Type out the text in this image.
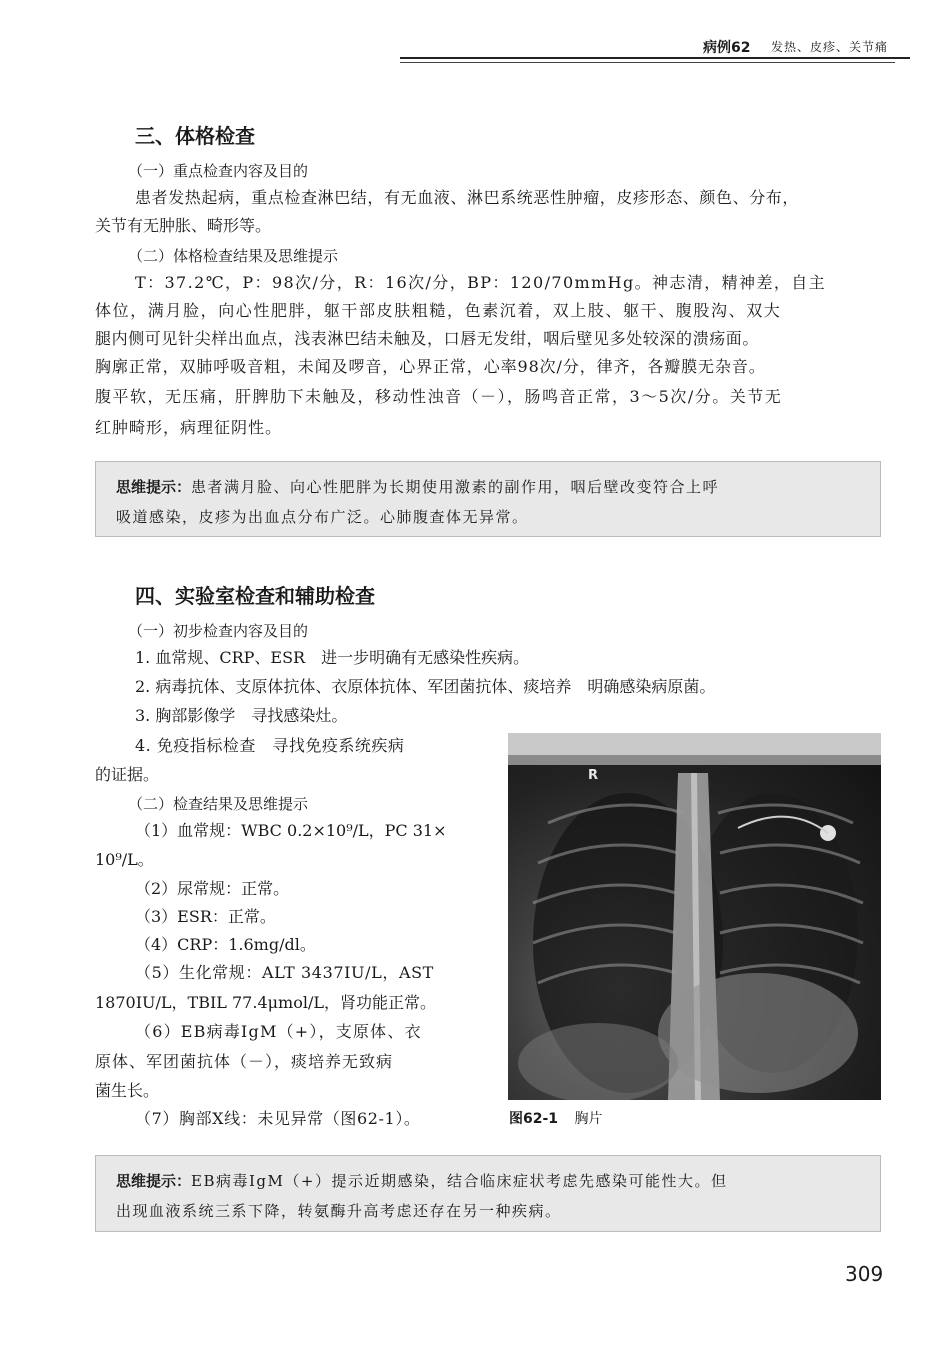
病例62 发热、皮疹、关节痛
三、体格检查
（一）重点检查内容及目的
患者发热起病，重点检查淋巴结，有无血液、淋巴系统恶性肿瘤，皮疹形态、颜色、分布，
关节有无肿胀、畸形等。
（二）体格检查结果及思维提示
T：37.2℃，P：98次/分，R：16次/分，BP：120/70mmHg。神志清，精神差，自主
体位，满月脸，向心性肥胖，躯干部皮肤粗糙，色素沉着，双上肢、躯干、腹股沟、双大
腿内侧可见针尖样出血点，浅表淋巴结未触及，口唇无发绀，咽后壁见多处较深的溃疡面。
胸廓正常，双肺呼吸音粗，未闻及啰音，心界正常，心率98次/分，律齐，各瓣膜无杂音。
腹平软，无压痛，肝脾肋下未触及，移动性浊音（－），肠鸣音正常，3～5次/分。关节无
红肿畸形，病理征阴性。
思维提示：患者满月脸、向心性肥胖为长期使用激素的副作用，咽后壁改变符合上呼
吸道感染，皮疹为出血点分布广泛。心肺腹查体无异常。
四、实验室检查和辅助检查
（一）初步检查内容及目的
1. 血常规、CRP、ESR　进一步明确有无感染性疾病。
2. 病毒抗体、支原体抗体、衣原体抗体、军团菌抗体、痰培养　明确感染病原菌。
3. 胸部影像学　寻找感染灶。
4. 免疫指标检查　寻找免疫系统疾病
的证据。
（二）检查结果及思维提示
（1）血常规：WBC 0.2×10⁹/L，PC 31×
10⁹/L。
（2）尿常规：正常。
（3）ESR：正常。
（4）CRP：1.6mg/dl。
（5）生化常规：ALT 3437IU/L，AST
1870IU/L，TBIL 77.4μmol/L，肾功能正常。
（6）EB病毒IgM（+），支原体、衣
原体、军团菌抗体（－），痰培养无致病
菌生长。
（7）胸部X线：未见异常（图62-1）。
R
图62-1 胸片
思维提示：EB病毒IgM（+）提示近期感染，结合临床症状考虑先感染可能性大。但
出现血液系统三系下降，转氨酶升高考虑还存在另一种疾病。
309
